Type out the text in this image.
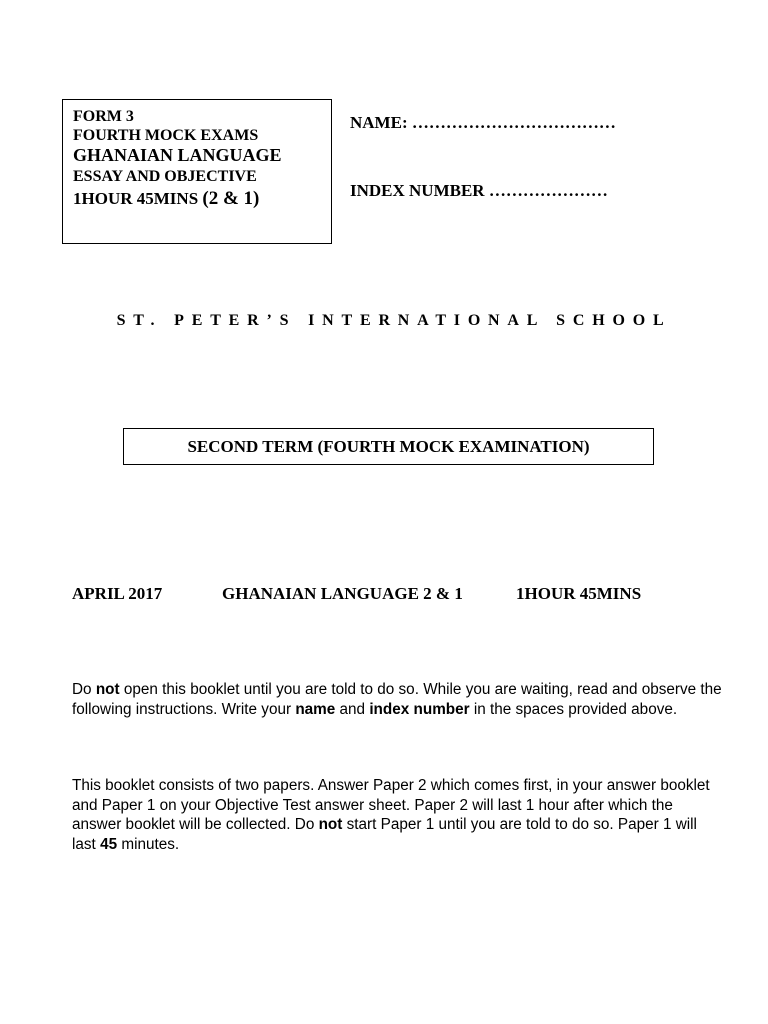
FORM 3
FOURTH MOCK EXAMS
GHANAIAN LANGUAGE
ESSAY AND OBJECTIVE
1HOUR 45MINS (2 & 1)
NAME: ………………………………
INDEX NUMBER …………………
ST. PETER’S INTERNATIONAL SCHOOL
SECOND TERM (FOURTH MOCK EXAMINATION)
APRIL 2017	GHANAIAN LANGUAGE 2 & 1	1HOUR 45MINS
Do not open this booklet until you are told to do so. While you are waiting, read and observe the following instructions. Write your name and index number in the spaces provided above.
This booklet consists of two papers. Answer Paper 2 which comes first, in your answer booklet and Paper 1 on your Objective Test answer sheet. Paper 2 will last 1 hour after which the answer booklet will be collected. Do not start Paper 1 until you are told to do so. Paper 1 will last 45 minutes.
